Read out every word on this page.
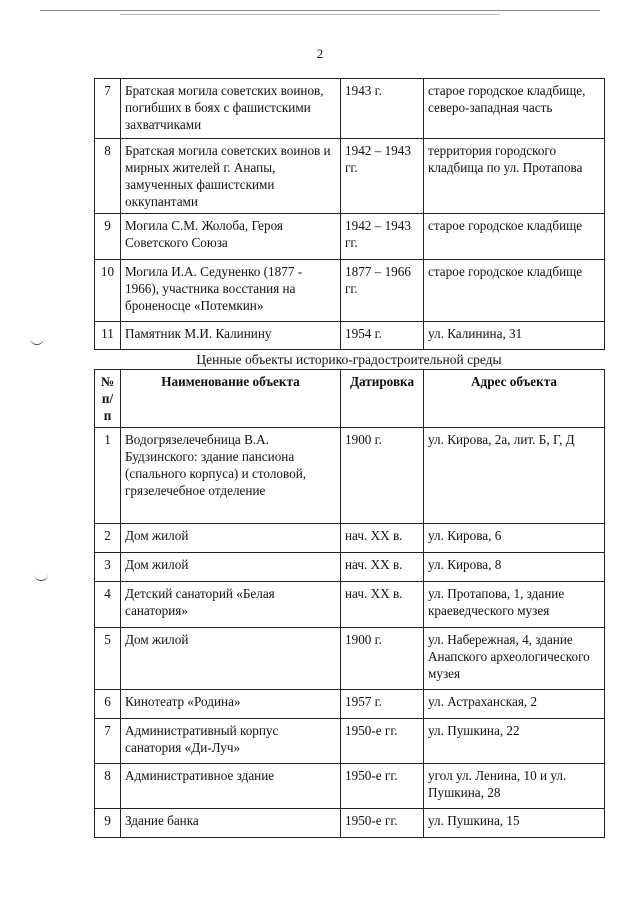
2
7	Братская могила советских воинов, погибших в боях с фашистскими захватчиками	1943 г.	старое городское кладбище, северо-западная часть
8	Братская могила советских воинов и мирных жителей г. Анапы, замученных фашистскими оккупантами	1942 – 1943 гг.	территория городского кладбища по ул. Протапова
9	Могила С.М. Жолоба, Героя Советского Союза	1942 – 1943 гг.	старое городское кладбище
10	Могила И.А. Седуненко (1877 - 1966), участника восстания на броненосце «Потемкин»	1877 – 1966 гг.	старое городское кладбище
11	Памятник М.И. Калинину	1954 г.	ул. Калинина, 31
Ценные объекты историко-градостроительной среды
№ п/п	Наименование объекта	Датировка	Адрес объекта
1	Водогрязелечебница В.А. Будзинского: здание пансиона (спального корпуса) и столовой, грязелечебное отделение	1900 г.	ул. Кирова, 2а, лит. Б, Г, Д
2	Дом жилой	нач. XX в.	ул. Кирова, 6
3	Дом жилой	нач. XX в.	ул. Кирова, 8
4	Детский санаторий «Белая санатория»	нач. XX в.	ул. Протапова, 1, здание краеведческого музея
5	Дом жилой	1900 г.	ул. Набережная, 4, здание Анапского археологического музея
6	Кинотеатр «Родина»	1957 г.	ул. Астраханская, 2
7	Административный корпус санатория «Ди-Луч»	1950-е гг.	ул. Пушкина, 22
8	Административное здание	1950-е гг.	угол ул. Ленина, 10 и ул. Пушкина, 28
9	Здание банка	1950-е гг.	ул. Пушкина, 15
